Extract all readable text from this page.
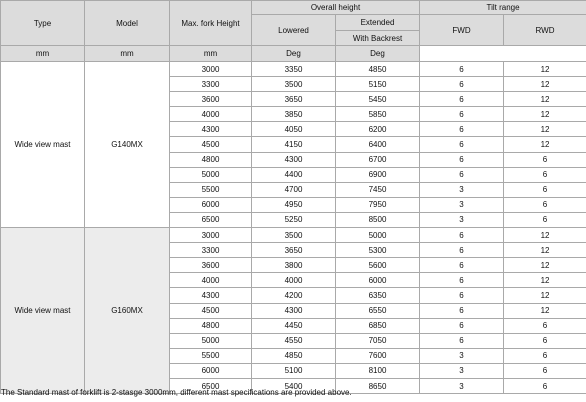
Type	Model	Max. fork Height	Overall height		Tilt range	
			Lowered	Extended	FWD	RWD
				With Backrest		
mm	mm	mm	Deg	Deg		
Wide view mast	G140MX	3000	3350	4850	6	12
		3300	3500	5150	6	12
		3600	3650	5450	6	12
		4000	3850	5850	6	12
		4300	4050	6200	6	12
		4500	4150	6400	6	12
		4800	4300	6700	6	6
		5000	4400	6900	6	6
		5500	4700	7450	3	6
		6000	4950	7950	3	6
		6500	5250	8500	3	6
Wide view mast	G160MX	3000	3500	5000	6	12
		3300	3650	5300	6	12
		3600	3800	5600	6	12
		4000	4000	6000	6	12
		4300	4200	6350	6	12
		4500	4300	6550	6	12
		4800	4450	6850	6	6
		5000	4550	7050	6	6
		5500	4850	7600	3	6
		6000	5100	8100	3	6
		6500	5400	8650	3	6
The Standard mast of forklift is 2-stasge 3000mm, different mast specifications are provided above.
